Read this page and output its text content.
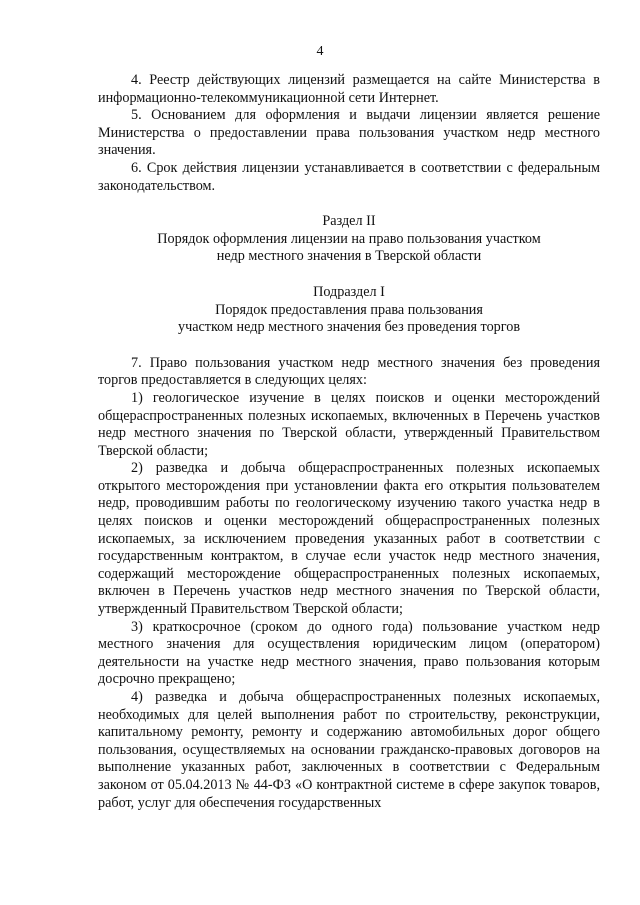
4

4. Реестр действующих лицензий размещается на сайте Министерства в информационно-телекоммуникационной сети Интернет.

5. Основанием для оформления и выдачи лицензии является решение Министерства о предоставлении права пользования участком недр местного значения.

6. Срок действия лицензии устанавливается в соответствии с федеральным законодательством.

Раздел II
Порядок оформления лицензии на право пользования участком
недр местного значения в Тверской области
Подраздел I
Порядок предоставления права пользования
участком недр местного значения без проведения торгов

7. Право пользования участком недр местного значения без проведения торгов предоставляется в следующих целях:

1) геологическое изучение в целях поисков и оценки месторождений общераспространенных полезных ископаемых, включенных в Перечень участков недр местного значения по Тверской области, утвержденный Правительством Тверской области;

2) разведка и добыча общераспространенных полезных ископаемых открытого месторождения при установлении факта его открытия пользователем недр, проводившим работы по геологическому изучению такого участка недр в целях поисков и оценки месторождений общераспространенных полезных ископаемых, за исключением проведения указанных работ в соответствии с государственным контрактом, в случае если участок недр местного значения, содержащий месторождение общераспространенных полезных ископаемых, включен в Перечень участков недр местного значения по Тверской области, утвержденный Правительством Тверской области;

3) краткосрочное (сроком до одного года) пользование участком недр местного значения для осуществления юридическим лицом (оператором) деятельности на участке недр местного значения, право пользования которым досрочно прекращено;

4) разведка и добыча общераспространенных полезных ископаемых, необходимых для целей выполнения работ по строительству, реконструкции, капитальному ремонту, ремонту и содержанию автомобильных дорог общего пользования, осуществляемых на основании гражданско-правовых договоров на выполнение указанных работ, заключенных в соответствии с Федеральным законом от 05.04.2013 № 44-ФЗ «О контрактной системе в сфере закупок товаров, работ, услуг для обеспечения государственных
